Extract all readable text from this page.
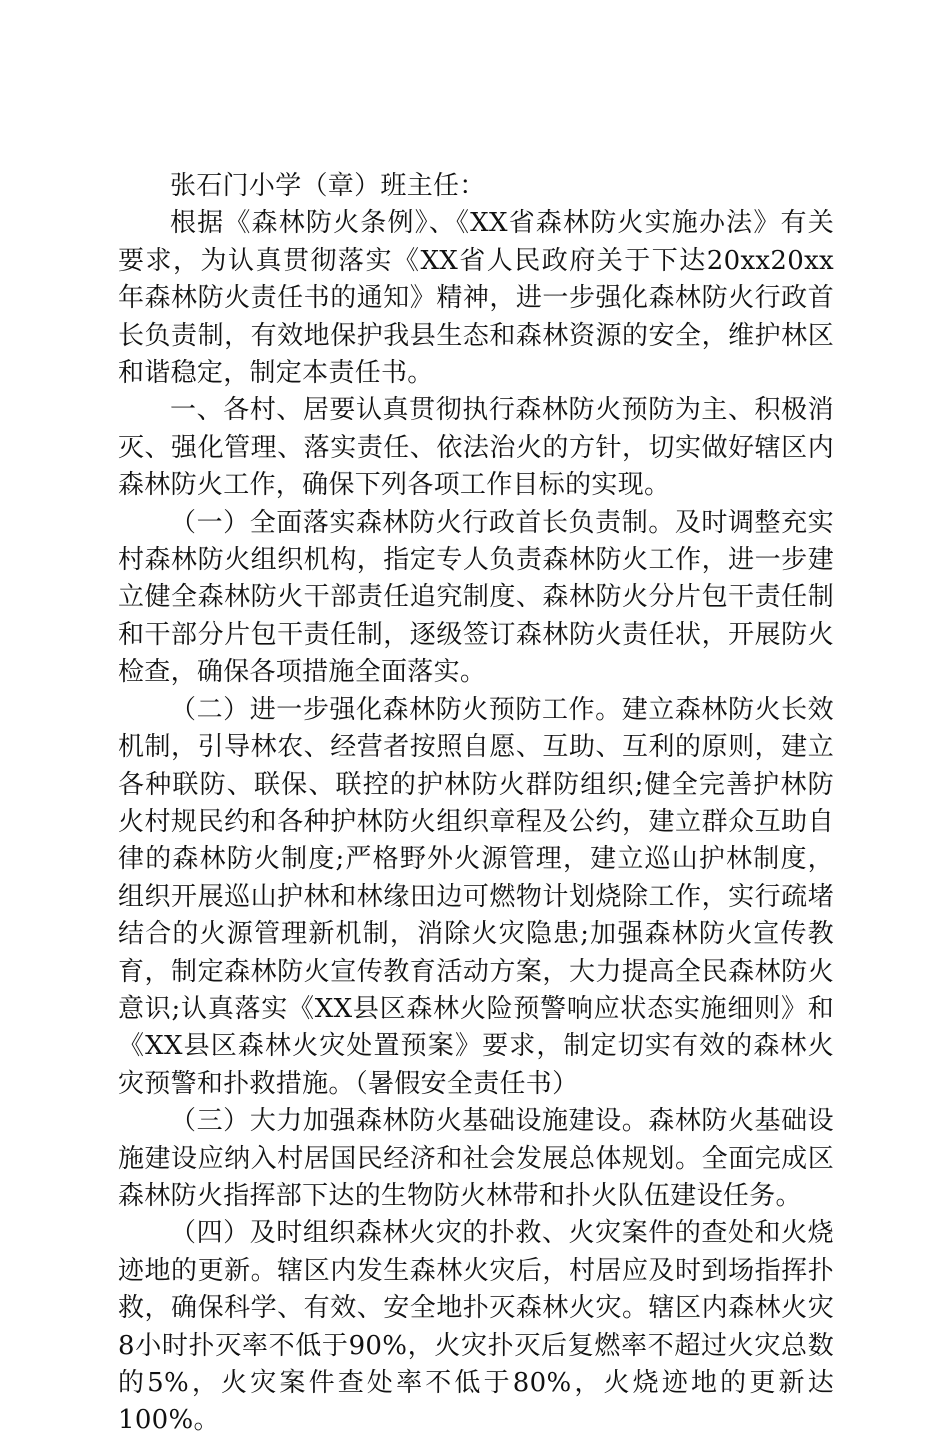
张石门小学（章）班主任：

根据《森林防火条例》、《XX省森林防火实施办法》有关要求，为认真贯彻落实《XX省人民政府关于下达20xx20xx年森林防火责任书的通知》精神，进一步强化森林防火行政首长负责制，有效地保护我县生态和森林资源的安全，维护林区和谐稳定，制定本责任书。

一、各村、居要认真贯彻执行森林防火预防为主、积极消灭、强化管理、落实责任、依法治火的方针，切实做好辖区内森林防火工作，确保下列各项工作目标的实现。

（一）全面落实森林防火行政首长负责制。及时调整充实村森林防火组织机构，指定专人负责森林防火工作，进一步建立健全森林防火干部责任追究制度、森林防火分片包干责任制和干部分片包干责任制，逐级签订森林防火责任状，开展防火检查，确保各项措施全面落实。

（二）进一步强化森林防火预防工作。建立森林防火长效机制，引导林农、经营者按照自愿、互助、互利的原则，建立各种联防、联保、联控的护林防火群防组织;健全完善护林防火村规民约和各种护林防火组织章程及公约，建立群众互助自律的森林防火制度;严格野外火源管理，建立巡山护林制度，组织开展巡山护林和林缘田边可燃物计划烧除工作，实行疏堵结合的火源管理新机制，消除火灾隐患;加强森林防火宣传教育，制定森林防火宣传教育活动方案，大力提高全民森林防火意识;认真落实《XX县区森林火险预警响应状态实施细则》和《XX县区森林火灾处置预案》要求，制定切实有效的森林火灾预警和扑救措施。（暑假安全责任书）

（三）大力加强森林防火基础设施建设。森林防火基础设施建设应纳入村居国民经济和社会发展总体规划。全面完成区森林防火指挥部下达的生物防火林带和扑火队伍建设任务。

（四）及时组织森林火灾的扑救、火灾案件的查处和火烧迹地的更新。辖区内发生森林火灾后，村居应及时到场指挥扑救，确保科学、有效、安全地扑灭森林火灾。辖区内森林火灾8小时扑灭率不低于90%，火灾扑灭后复燃率不超过火灾总数的5%，火灾案件查处率不低于80%，火烧迹地的更新达100%。
